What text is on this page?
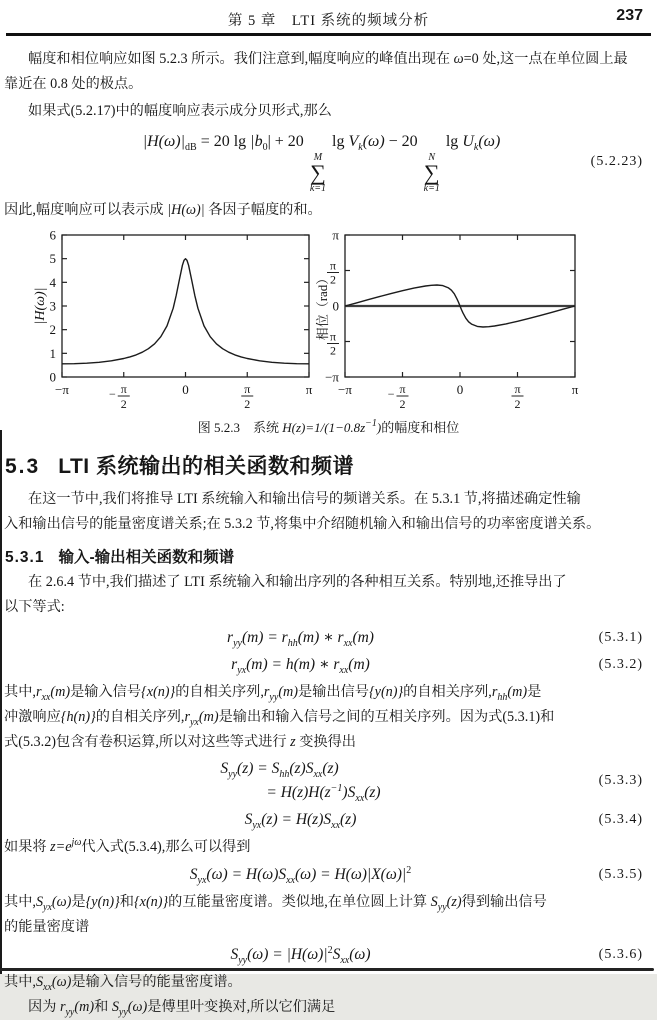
第 5 章　LTI 系统的频域分析	237
幅度和相位响应如图 5.2.3 所示。我们注意到,幅度响应的峰值出现在 ω=0 处,这一点在单位圆上最
靠近在 0.8 处的极点。
如果式(5.2.17)中的幅度响应表示成分贝形式,那么
$|H(\omega)|_{dB} = 20$ $\lg |b_0| + 20$
M
∑
k=1
$\lg V_k(\omega) - 20$
N
∑
k=1
$\lg U_k(\omega)$
(5.2.23)
因此,幅度响应可以表示成 |H(ω)| 各因子幅度的和。
0
1
2
3
4
5
6
−π	− π
2
0	π
2
π
|H(ω)|
π
π
2
0
π
2
−π
−π	− π
2
0	π
2
π
相位（rad）
图 5.2.3　系统 $H(z)=1/(1-0.8z^{-1})$的幅度和相位
5.3 LTI 系统输出的相关函数和频谱
在这一节中,我们将推导 LTI 系统输入和输出信号的频谱关系。在 5.3.1 节,将描述确定性输
入和输出信号的能量密度谱关系;在 5.3.2 节,将集中介绍随机输入和输出信号的功率密度谱关系。
5.3.1 输入-输出相关函数和频谱
在 2.6.4 节中,我们描述了 LTI 系统输入和输出序列的各种相互关系。特别地,还推导出了
以下等式:
$r_{yy}(m) = r_{hh}(m)$ ∗ $r_{xx}(m)$	(5.3.1)
$r_{yx}(m) = h(m)$ ∗ $r_{xx}(m)$	(5.3.2)
其中$,r_{xx}(m)$是输入信号{x(n)}的自相关序列$,r_{yy}(m)$是输出信号{y(n)}的自相关序列$,r_{hh}(m)$是
冲激响应{h(n)}的自相关序列$,r_{yx}(m)$是输出和输入信号之间的互相关序列。因为式(5.3.1)和
式(5.3.2)包含有卷积运算,所以对这些等式进行 z 变换得出
$S_{yy}(z) = S_{hh}(z)S_{xx}(z)$
= $H(z)H(z^{-1})S_{xx}(z)$
(5.3.3)
$S_{yx}(z) = H(z)S_{xx}(z)$	(5.3.4)
如果将 $z=e^{j\omega}$代入式(5.3.4),那么可以得到
$S_{yx}(\omega) = H(\omega)S_{xx}(\omega) = H(\omega)|X(\omega)|^2$	(5.3.5)
其中$,S_{yx}(\omega)$是{y(n)}和{x(n)}的互能量密度谱。类似地,在单位圆上计算 $S_{yy}(z)$得到输出信号
的能量密度谱
$S_{yy}(\omega) = |H(\omega)|^2S_{xx}(\omega)$	(5.3.6)
其中$,S_{xx}(\omega)$是输入信号的能量密度谱。
因为 $r_{yy}(m)$和 $S_{yy}(\omega)$是傅里叶变换对,所以它们满足
